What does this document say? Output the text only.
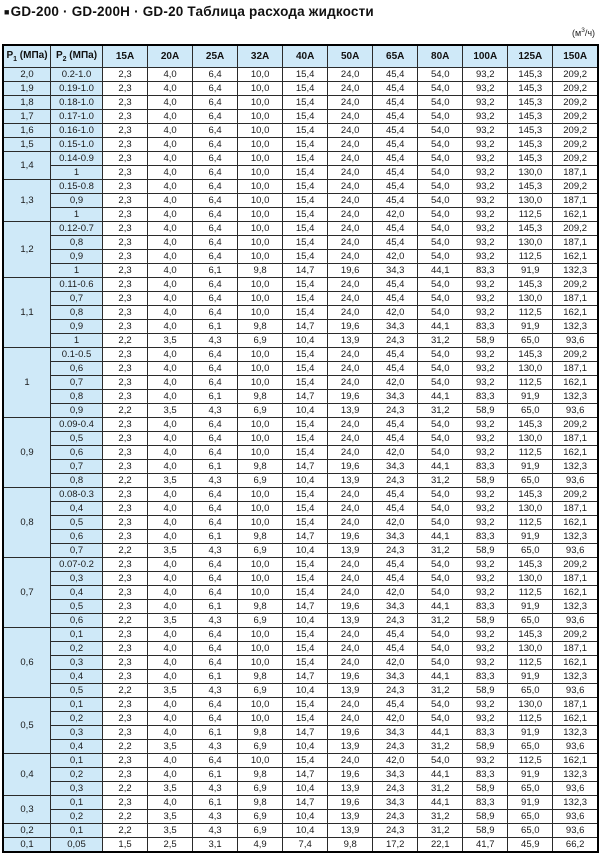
■GD-200 · GD-200H · GD-20 Таблица расхода жидкости
$(м^3/ч)$
$P_1$ (МПа)	$P_2$ (МПа)	15A	20A	25A	32A	40A	50A	65A	80A	100A	125A	150A
2,0	0.2-1.0	2,3	4,0	6,4	10,0	15,4	24,0	45,4	54,0	93,2	145,3	209,2
1,9	0.19-1.0	2,3	4,0	6,4	10,0	15,4	24,0	45,4	54,0	93,2	145,3	209,2
1,8	0.18-1.0	2,3	4,0	6,4	10,0	15,4	24,0	45,4	54,0	93,2	145,3	209,2
1,7	0.17-1.0	2,3	4,0	6,4	10,0	15,4	24,0	45,4	54,0	93,2	145,3	209,2
1,6	0.16-1.0	2,3	4,0	6,4	10,0	15,4	24,0	45,4	54,0	93,2	145,3	209,2
1,5	0.15-1.0	2,3	4,0	6,4	10,0	15,4	24,0	45,4	54,0	93,2	145,3	209,2
1,4	0.14-0.9	2,3	4,0	6,4	10,0	15,4	24,0	45,4	54,0	93,2	145,3	209,2
	1	2,3	4,0	6,4	10,0	15,4	24,0	45,4	54,0	93,2	130,0	187,1
1,3	0.15-0.8	2,3	4,0	6,4	10,0	15,4	24,0	45,4	54,0	93,2	145,3	209,2
	0,9	2,3	4,0	6,4	10,0	15,4	24,0	45,4	54,0	93,2	130,0	187,1
	1	2,3	4,0	6,4	10,0	15,4	24,0	42,0	54,0	93,2	112,5	162,1
1,2	0.12-0.7	2,3	4,0	6,4	10,0	15,4	24,0	45,4	54,0	93,2	145,3	209,2
	0,8	2,3	4,0	6,4	10,0	15,4	24,0	45,4	54,0	93,2	130,0	187,1
	0,9	2,3	4,0	6,4	10,0	15,4	24,0	42,0	54,0	93,2	112,5	162,1
	1	2,3	4,0	6,1	9,8	14,7	19,6	34,3	44,1	83,3	91,9	132,3
1,1	0.11-0.6	2,3	4,0	6,4	10,0	15,4	24,0	45,4	54,0	93,2	145,3	209,2
	0,7	2,3	4,0	6,4	10,0	15,4	24,0	45,4	54,0	93,2	130,0	187,1
	0,8	2,3	4,0	6,4	10,0	15,4	24,0	42,0	54,0	93,2	112,5	162,1
	0,9	2,3	4,0	6,1	9,8	14,7	19,6	34,3	44,1	83,3	91,9	132,3
	1	2,2	3,5	4,3	6,9	10,4	13,9	24,3	31,2	58,9	65,0	93,6
1	0.1-0.5	2,3	4,0	6,4	10,0	15,4	24,0	45,4	54,0	93,2	145,3	209,2
	0,6	2,3	4,0	6,4	10,0	15,4	24,0	45,4	54,0	93,2	130,0	187,1
	0,7	2,3	4,0	6,4	10,0	15,4	24,0	42,0	54,0	93,2	112,5	162,1
	0,8	2,3	4,0	6,1	9,8	14,7	19,6	34,3	44,1	83,3	91,9	132,3
	0,9	2,2	3,5	4,3	6,9	10,4	13,9	24,3	31,2	58,9	65,0	93,6
0,9	0.09-0.4	2,3	4,0	6,4	10,0	15,4	24,0	45,4	54,0	93,2	145,3	209,2
	0,5	2,3	4,0	6,4	10,0	15,4	24,0	45,4	54,0	93,2	130,0	187,1
	0,6	2,3	4,0	6,4	10,0	15,4	24,0	42,0	54,0	93,2	112,5	162,1
	0,7	2,3	4,0	6,1	9,8	14,7	19,6	34,3	44,1	83,3	91,9	132,3
	0,8	2,2	3,5	4,3	6,9	10,4	13,9	24,3	31,2	58,9	65,0	93,6
0,8	0.08-0.3	2,3	4,0	6,4	10,0	15,4	24,0	45,4	54,0	93,2	145,3	209,2
	0,4	2,3	4,0	6,4	10,0	15,4	24,0	45,4	54,0	93,2	130,0	187,1
	0,5	2,3	4,0	6,4	10,0	15,4	24,0	42,0	54,0	93,2	112,5	162,1
	0,6	2,3	4,0	6,1	9,8	14,7	19,6	34,3	44,1	83,3	91,9	132,3
	0,7	2,2	3,5	4,3	6,9	10,4	13,9	24,3	31,2	58,9	65,0	93,6
0,7	0.07-0.2	2,3	4,0	6,4	10,0	15,4	24,0	45,4	54,0	93,2	145,3	209,2
	0,3	2,3	4,0	6,4	10,0	15,4	24,0	45,4	54,0	93,2	130,0	187,1
	0,4	2,3	4,0	6,4	10,0	15,4	24,0	42,0	54,0	93,2	112,5	162,1
	0,5	2,3	4,0	6,1	9,8	14,7	19,6	34,3	44,1	83,3	91,9	132,3
	0,6	2,2	3,5	4,3	6,9	10,4	13,9	24,3	31,2	58,9	65,0	93,6
0,6	0,1	2,3	4,0	6,4	10,0	15,4	24,0	45,4	54,0	93,2	145,3	209,2
	0,2	2,3	4,0	6,4	10,0	15,4	24,0	45,4	54,0	93,2	130,0	187,1
	0,3	2,3	4,0	6,4	10,0	15,4	24,0	42,0	54,0	93,2	112,5	162,1
	0,4	2,3	4,0	6,1	9,8	14,7	19,6	34,3	44,1	83,3	91,9	132,3
	0,5	2,2	3,5	4,3	6,9	10,4	13,9	24,3	31,2	58,9	65,0	93,6
0,5	0,1	2,3	4,0	6,4	10,0	15,4	24,0	45,4	54,0	93,2	130,0	187,1
	0,2	2,3	4,0	6,4	10,0	15,4	24,0	42,0	54,0	93,2	112,5	162,1
	0,3	2,3	4,0	6,1	9,8	14,7	19,6	34,3	44,1	83,3	91,9	132,3
	0,4	2,2	3,5	4,3	6,9	10,4	13,9	24,3	31,2	58,9	65,0	93,6
0,4	0,1	2,3	4,0	6,4	10,0	15,4	24,0	42,0	54,0	93,2	112,5	162,1
	0,2	2,3	4,0	6,1	9,8	14,7	19,6	34,3	44,1	83,3	91,9	132,3
	0,3	2,2	3,5	4,3	6,9	10,4	13,9	24,3	31,2	58,9	65,0	93,6
0,3	0,1	2,3	4,0	6,1	9,8	14,7	19,6	34,3	44,1	83,3	91,9	132,3
	0,2	2,2	3,5	4,3	6,9	10,4	13,9	24,3	31,2	58,9	65,0	93,6
0,2	0,1	2,2	3,5	4,3	6,9	10,4	13,9	24,3	31,2	58,9	65,0	93,6
0,1	0,05	1,5	2,5	3,1	4,9	7,4	9,8	17,2	22,1	41,7	45,9	66,2
